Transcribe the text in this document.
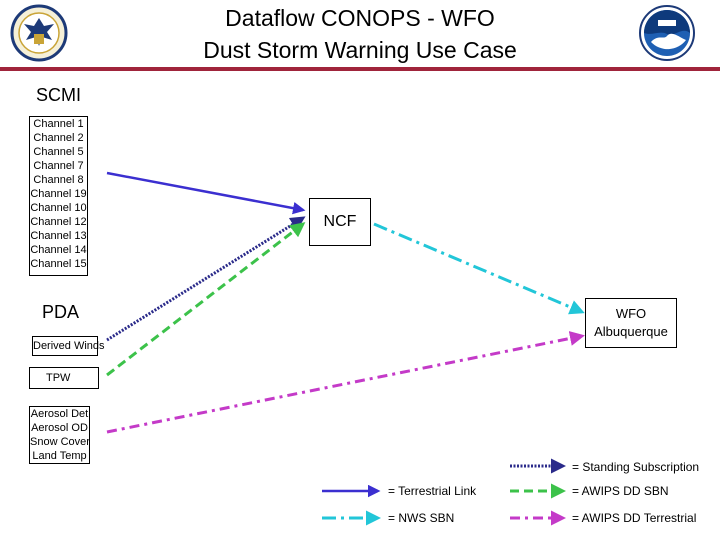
Dataflow CONOPS - WFO
Dust Storm Warning Use Case
SCMI
Channel 1
Channel 2
Channel 5
Channel 7
Channel 8
Channel 19
Channel 10
Channel 12
Channel 13
Channel 14
Channel 15
PDA
Derived Winds
TPW
Aerosol Det
Aerosol OD
Snow Cover
Land Temp
NCF
WFO
Albuquerque
= Standing Subscription
= Terrestrial Link	= AWIPS DD SBN
= NWS SBN	= AWIPS DD Terrestrial
